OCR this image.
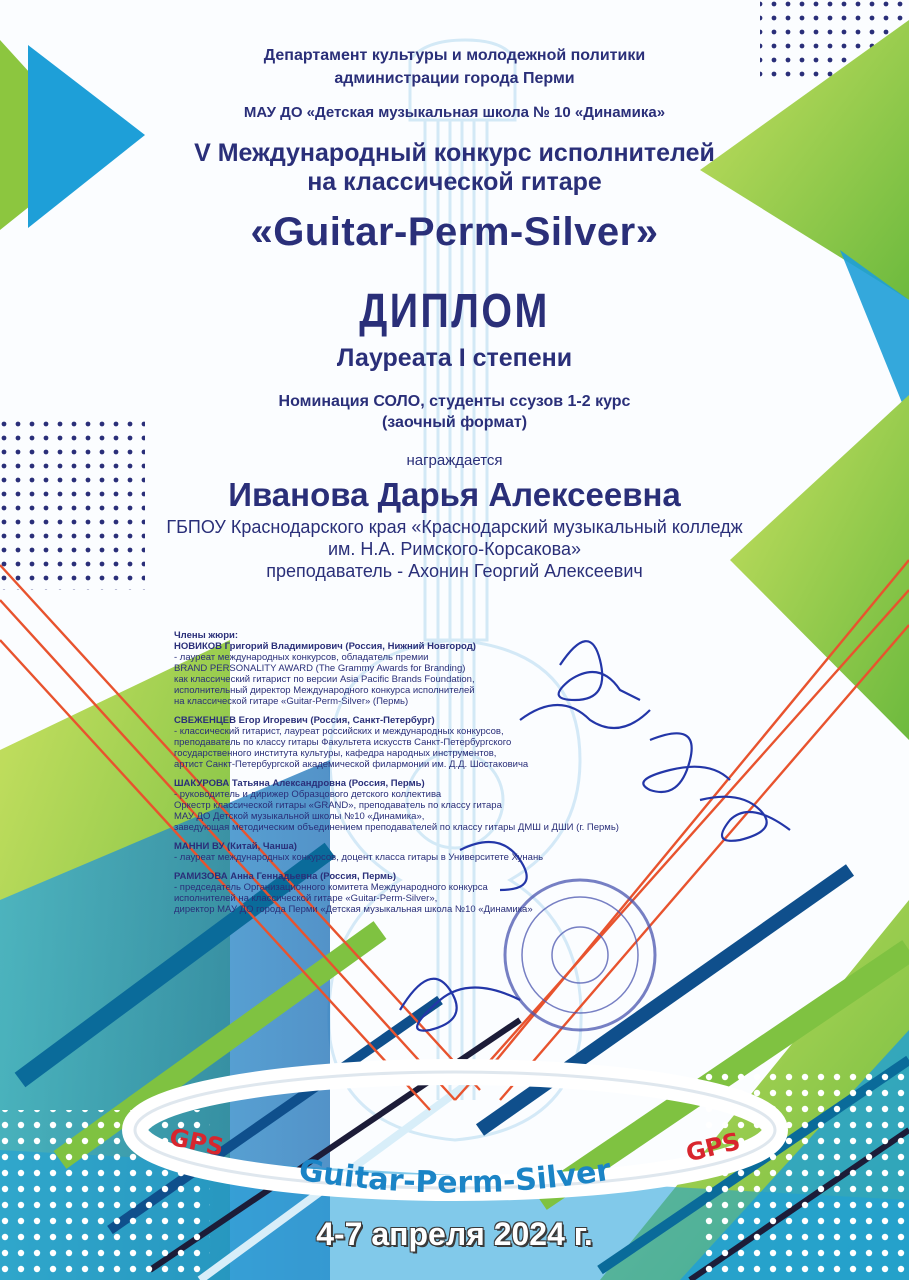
Департамент культуры и молодежной политики
администрации города Перми
МАУ ДО «Детская музыкальная школа № 10 «Динамика»
V Международный конкурс исполнителей
на классической гитаре
«Guitar-Perm-Silver»
ДИПЛОМ
Лауреата I степени
Номинация СОЛО, студенты ссузов 1-2 курс
(заочный формат)
награждается
Иванова Дарья Алексеевна
ГБПОУ Краснодарского края «Краснодарский музыкальный колледж
им. Н.А. Римского-Корсакова»
преподаватель - Ахонин Георгий Алексеевич
Члены жюри:
НОВИКОВ Григорий Владимирович (Россия, Нижний Новгород)
- лауреат международных конкурсов, обладатель премии
BRAND PERSONALITY AWARD (The Grammy Awards for Branding)
как классический гитарист по версии Asia Pacific Brands Foundation,
исполнительный директор Международного конкурса исполнителей
на классической гитаре «Guitar-Perm-Silver» (Пермь)
СВЕЖЕНЦЕВ Егор Игоревич (Россия, Санкт-Петербург)
- классический гитарист, лауреат российских и международных конкурсов,
преподаватель по классу гитары Факультета искусств Санкт-Петербургского
государственного института культуры, кафедра народных инструментов,
артист Санкт-Петербургской академической филармонии им. Д.Д. Шостаковича
ШАКУРОВА Татьяна Александровна (Россия, Пермь)
- руководитель и дирижер Образцового детского коллектива
Оркестр классической гитары «GRAND», преподаватель по классу гитара
МАУ ДО Детской музыкальной школы №10 «Динамика»,
заведующая методическим объединением преподавателей по классу гитары ДМШ и ДШИ (г. Пермь)
МАННИ ВУ (Китай, Чанша)
- лауреат международных конкурсов, доцент класса гитары в Университете Хунань
РАМИЗОВА Анна Геннадьевна (Россия, Пермь)
- председатель Организационного комитета Международного конкурса
исполнителей на классической гитаре «Guitar-Perm-Silver»,
директор МАУ ДО города Перми «Детская музыкальная школа №10 «Динамика»
Guitar-Perm-Silver
GPS	GPS
4-7 апреля 2024 г.
